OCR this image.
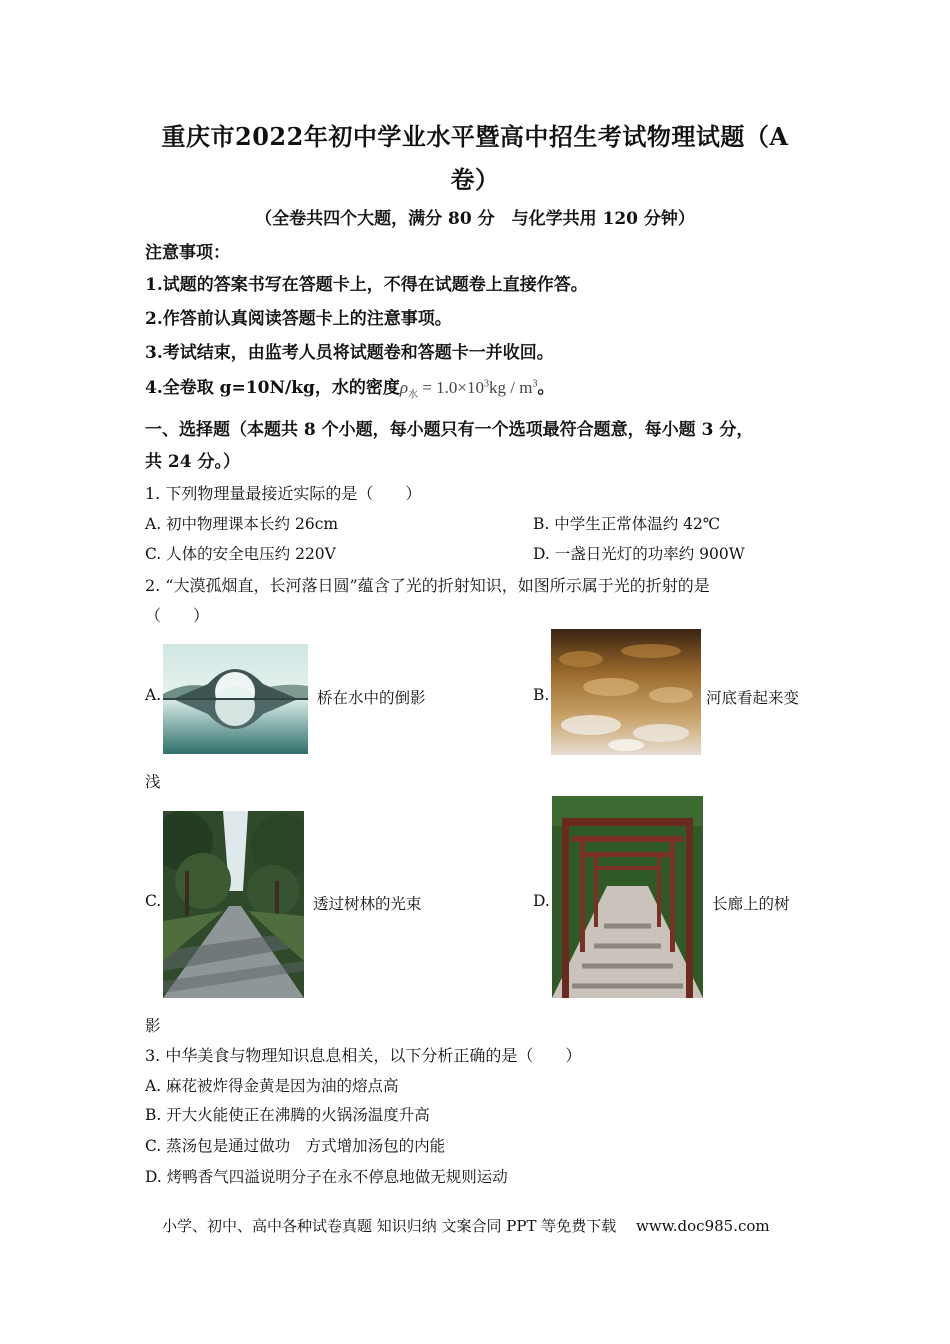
重庆市2022年初中学业水平暨高中招生考试物理试题（A
卷）
（全卷共四个大题，满分 80 分　与化学共用 120 分钟）
注意事项：
1.试题的答案书写在答题卡上，不得在试题卷上直接作答。
2.作答前认真阅读答题卡上的注意事项。
3.考试结束，由监考人员将试题卷和答题卡一并收回。
4.全卷取 g=10N/kg，水的密度$\rho_水 = 1.0\times 10^3kg / m^3$。
一、选择题（本题共 8 个小题，每小题只有一个选项最符合题意，每小题 3 分，
共 24 分。）
1. 下列物理量最接近实际的是（　　）
A. 初中物理课本长约 26cm	B. 中学生正常体温约 42℃
C. 人体的安全电压约 220V	D. 一盏日光灯的功率约 900W
2. “大漠孤烟直，长河落日圆”蕴含了光的折射知识，如图所示属于光的折射的是
（　　）
A.	桥在水中的倒影	B.	河底看起来变
浅
C.	透过树林的光束	D.	长廊上的树
影
3. 中华美食与物理知识息息相关，以下分析正确的是（　　）
A. 麻花被炸得金黄是因为油的熔点高
B. 开大火能使正在沸腾的火锅汤温度升高
C. 蒸汤包是通过做功　方式增加汤包的内能
D. 烤鸭香气四溢说明分子在永不停息地做无规则运动
小学、初中、高中各种试卷真题 知识归纳 文案合同 PPT 等免费下载　 www.doc985.com
